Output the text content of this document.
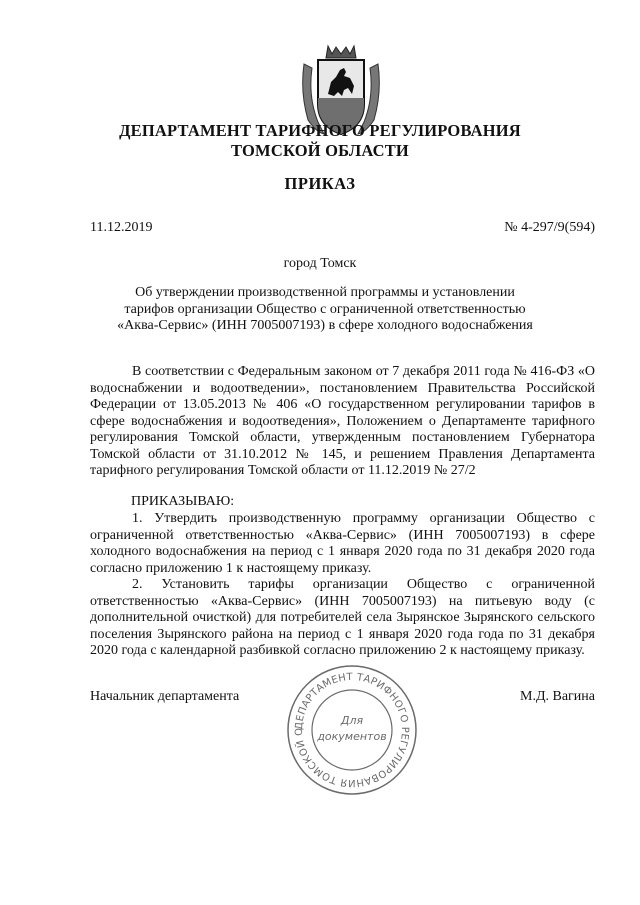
ДЕПАРТАМЕНТ ТАРИФНОГО РЕГУЛИРОВАНИЯ
ТОМСКОЙ ОБЛАСТИ
ПРИКАЗ
11.12.2019	№ 4-297/9(594)
город Томск
Об утверждении производственной программы и установлении тарифов организации Общество с ограниченной ответственностью «Аква-Сервис» (ИНН 7005007193) в сфере холодного водоснабжения
В соответствии с Федеральным законом от 7 декабря 2011 года № 416-ФЗ «О водоснабжении и водоотведении», постановлением Правительства Российской Федерации от 13.05.2013 № 406 «О государственном регулировании тарифов в сфере водоснабжения и водоотведения», Положением о Департаменте тарифного регулирования Томской области, утвержденным постановлением Губернатора Томской области от 31.10.2012 № 145, и решением Правления Департамента тарифного регулирования Томской области от 11.12.2019 № 27/2
ПРИКАЗЫВАЮ:
1. Утвердить производственную программу организации Общество с ограниченной ответственностью «Аква-Сервис» (ИНН 7005007193) в сфере холодного водоснабжения на период с 1 января 2020 года по 31 декабря 2020 года согласно приложению 1 к настоящему приказу.
2. Установить тарифы организации Общество с ограниченной ответственностью «Аква-Сервис» (ИНН 7005007193) на питьевую воду (с дополнительной очисткой) для потребителей села Зырянское Зырянского сельского поселения Зырянского района на период с 1 января 2020 года года по 31 декабря 2020 года с календарной разбивкой согласно приложению 2 к настоящему приказу.
Начальник департамента	М.Д. Вагина
ДЕПАРТАМЕНТ ТАРИФНОГО РЕГУЛИРОВАНИЯ ТОМСКОЙ О
Для
документов
